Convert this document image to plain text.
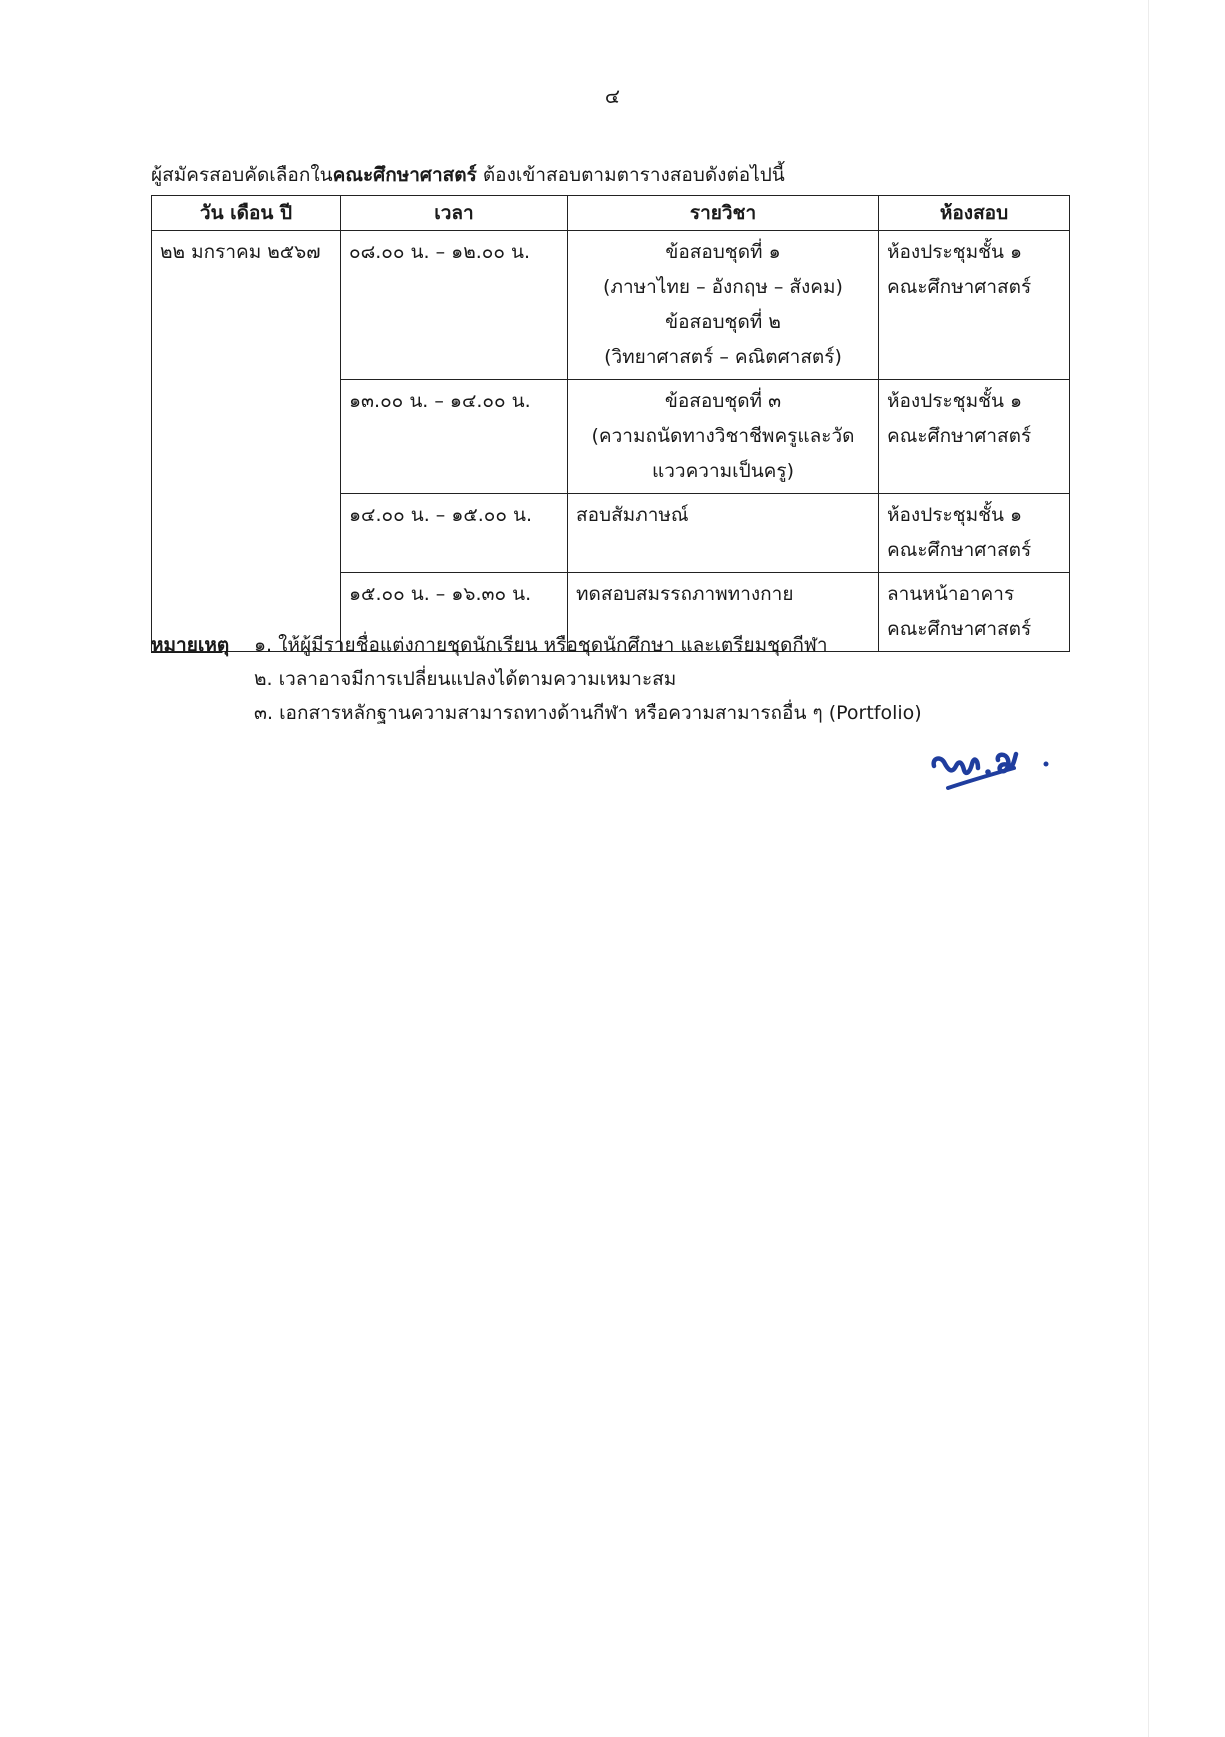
๔
ผู้สมัครสอบคัดเลือกในคณะศึกษาศาสตร์ ต้องเข้าสอบตามตารางสอบดังต่อไปนี้
วัน เดือน ปี	เวลา	รายวิชา	ห้องสอบ

๒๒ มกราคม ๒๕๖๗	๐๘.๐๐ น. – ๑๒.๐๐ น.	ข้อสอบชุดที่ ๑
(ภาษาไทย – อังกฤษ – สังคม)
ข้อสอบชุดที่ ๒
(วิทยาศาสตร์ – คณิตศาสตร์)	ห้องประชุมชั้น ๑
คณะศึกษาศาสตร์

	๑๓.๐๐ น. – ๑๔.๐๐ น.	ข้อสอบชุดที่ ๓
(ความถนัดทางวิชาชีพครูและวัด
แววความเป็นครู)	ห้องประชุมชั้น ๑
คณะศึกษาศาสตร์

	๑๔.๐๐ น. – ๑๕.๐๐ น.	สอบสัมภาษณ์	ห้องประชุมชั้น ๑
คณะศึกษาศาสตร์

	๑๕.๐๐ น. – ๑๖.๓๐ น.	ทดสอบสมรรถภาพทางกาย	ลานหน้าอาคาร
คณะศึกษาศาสตร์
หมายเหตุ ๑. ให้ผู้มีรายชื่อแต่งกายชุดนักเรียน หรือชุดนักศึกษา และเตรียมชุดกีฬา
๒. เวลาอาจมีการเปลี่ยนแปลงได้ตามความเหมาะสม
๓. เอกสารหลักฐานความสามารถทางด้านกีฬา หรือความสามารถอื่น ๆ (Portfolio)
